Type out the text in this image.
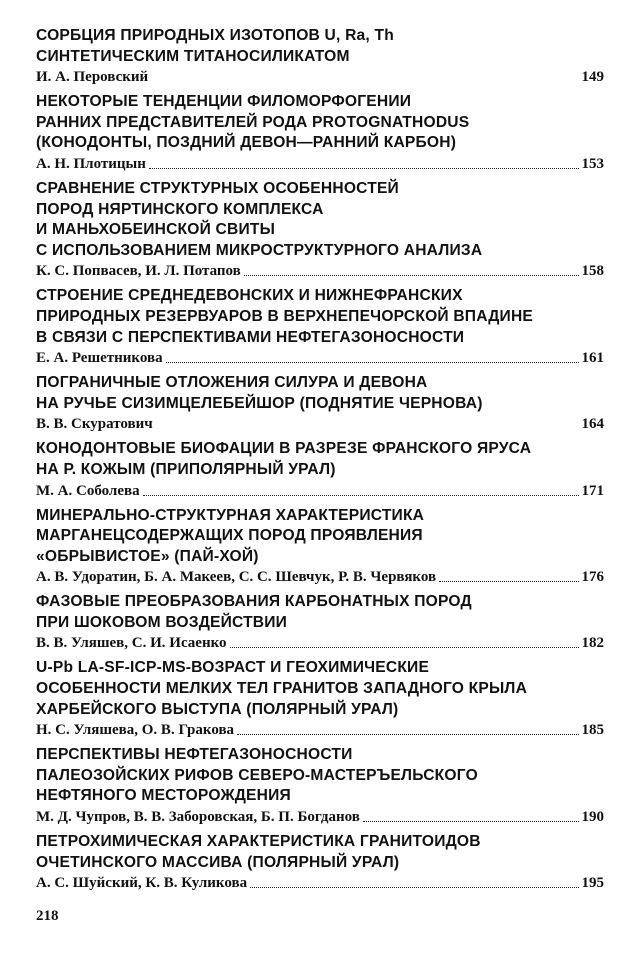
СОРБЦИЯ ПРИРОДНЫХ ИЗОТОПОВ U, Ra, Th
СИНТЕТИЧЕСКИМ ТИТАНОСИЛИКАТОМ
И. А. Перовский	149
НЕКОТОРЫЕ ТЕНДЕНЦИИ ФИЛОМОРФОГЕНИИ
РАННИХ ПРЕДСТАВИТЕЛЕЙ РОДА PROTOGNATHODUS
(КОНОДОНТЫ, ПОЗДНИЙ ДЕВОН—РАННИЙ КАРБОН)
А. Н. Плотицын	153
СРАВНЕНИЕ СТРУКТУРНЫХ ОСОБЕННОСТЕЙ
ПОРОД НЯРТИНСКОГО КОМПЛЕКСА
И МАНЬХОБЕИНСКОЙ СВИТЫ
С ИСПОЛЬЗОВАНИЕМ МИКРОСТРУКТУРНОГО АНАЛИЗА
К. С. Попвасев, И. Л. Потапов	158
СТРОЕНИЕ СРЕДНЕДЕВОНСКИХ И НИЖНЕФРАНСКИХ
ПРИРОДНЫХ РЕЗЕРВУАРОВ В ВЕРХНЕПЕЧОРСКОЙ ВПАДИНЕ
В СВЯЗИ С ПЕРСПЕКТИВАМИ НЕФТЕГАЗОНОСНОСТИ
Е. А. Решетникова	161
ПОГРАНИЧНЫЕ ОТЛОЖЕНИЯ СИЛУРА И ДЕВОНА
НА РУЧЬЕ СИЗИМЦЕЛЕБЕЙШОР (ПОДНЯТИЕ ЧЕРНОВА)
В. В. Скуратович	164
КОНОДОНТОВЫЕ БИОФАЦИИ В РАЗРЕЗЕ ФРАНСКОГО ЯРУСА
НА Р. КОЖЫМ (ПРИПОЛЯРНЫЙ УРАЛ)
М. А. Соболева	171
МИНЕРАЛЬНО-СТРУКТУРНАЯ ХАРАКТЕРИСТИКА
МАРГАНЕЦСОДЕРЖАЩИХ ПОРОД ПРОЯВЛЕНИЯ
«ОБРЫВИСТОЕ» (ПАЙ-ХОЙ)
А. В. Удоратин, Б. А. Макеев, С. С. Шевчук, Р. В. Червяков	176
ФАЗОВЫЕ ПРЕОБРАЗОВАНИЯ КАРБОНАТНЫХ ПОРОД
ПРИ ШОКОВОМ ВОЗДЕЙСТВИИ
В. В. Уляшев, С. И. Исаенко	182
U-Pb LA-SF-ICP-MS-ВОЗРАСТ И ГЕОХИМИЧЕСКИЕ
ОСОБЕННОСТИ МЕЛКИХ ТЕЛ ГРАНИТОВ ЗАПАДНОГО КРЫЛА
ХАРБЕЙСКОГО ВЫСТУПА (ПОЛЯРНЫЙ УРАЛ)
Н. С. Уляшева, О. В. Гракова	185
ПЕРСПЕКТИВЫ НЕФТЕГАЗОНОСНОСТИ
ПАЛЕОЗОЙСКИХ РИФОВ СЕВЕРО-МАСТЕРЪЕЛЬСКОГО
НЕФТЯНОГО МЕСТОРОЖДЕНИЯ
М. Д. Чупров, В. В. Заборовская, Б. П. Богданов	190
ПЕТРОХИМИЧЕСКАЯ ХАРАКТЕРИСТИКА ГРАНИТОИДОВ
ОЧЕТИНСКОГО МАССИВА (ПОЛЯРНЫЙ УРАЛ)
А. С. Шуйский, К. В. Куликова	195
218
